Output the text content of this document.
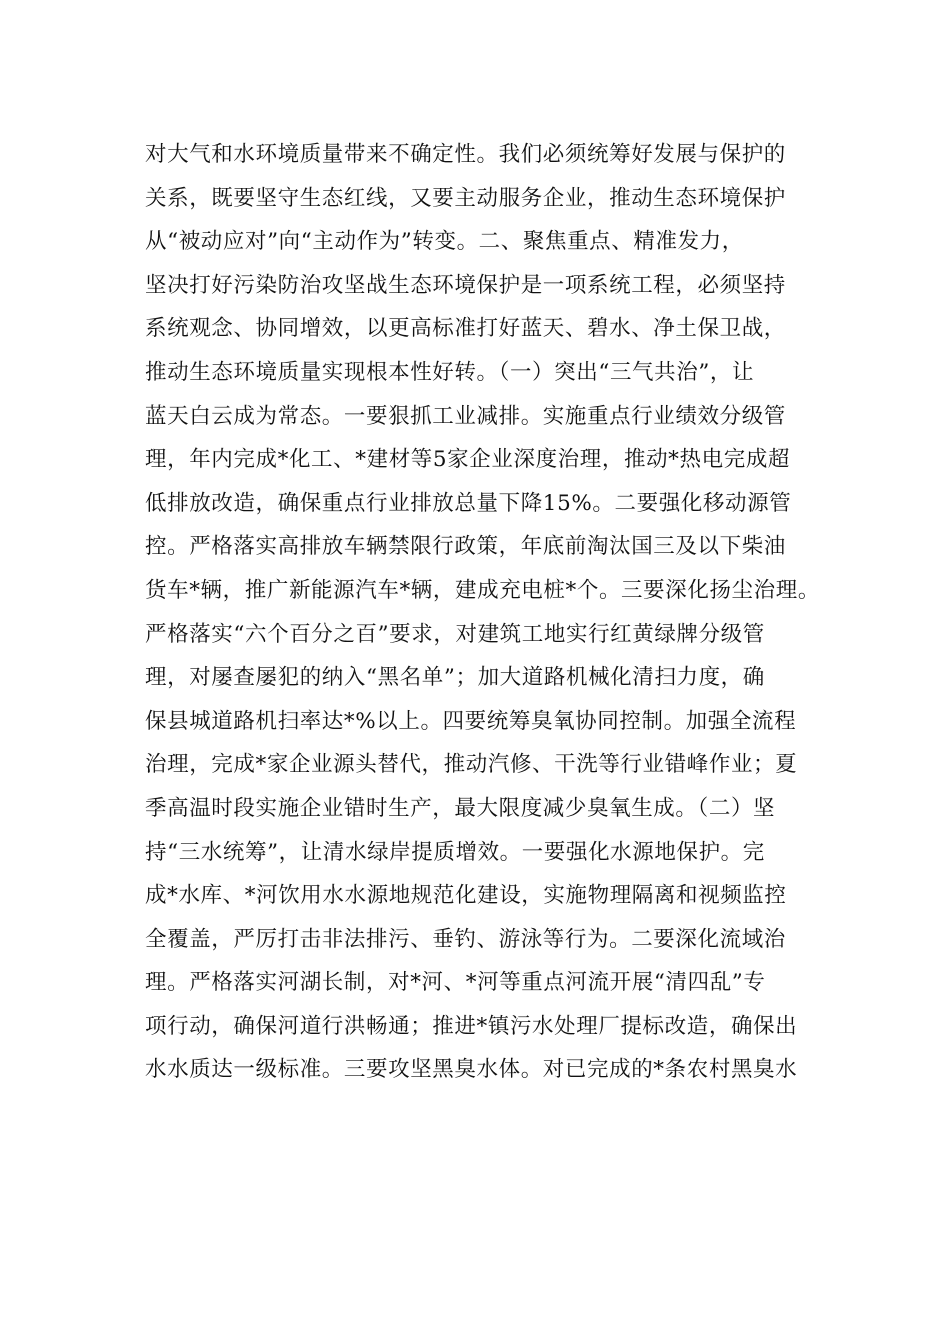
对大气和水环境质量带来不确定性。我们必须统筹好发展与保护的
关系，既要坚守生态红线，又要主动服务企业，推动生态环境保护
从“被动应对”向“主动作为”转变。二、聚焦重点、精准发力，
坚决打好污染防治攻坚战生态环境保护是一项系统工程，必须坚持
系统观念、协同增效，以更高标准打好蓝天、碧水、净土保卫战，
推动生态环境质量实现根本性好转。（一）突出“三气共治”，让
蓝天白云成为常态。一要狠抓工业减排。实施重点行业绩效分级管
理，年内完成*化工、*建材等5家企业深度治理，推动*热电完成超
低排放改造，确保重点行业排放总量下降15%。二要强化移动源管
控。严格落实高排放车辆禁限行政策，年底前淘汰国三及以下柴油
货车*辆，推广新能源汽车*辆，建成充电桩*个。三要深化扬尘治理。
严格落实“六个百分之百”要求，对建筑工地实行红黄绿牌分级管
理，对屡查屡犯的纳入“黑名单”；加大道路机械化清扫力度，确
保县城道路机扫率达*%以上。四要统筹臭氧协同控制。加强全流程
治理，完成*家企业源头替代，推动汽修、干洗等行业错峰作业；夏
季高温时段实施企业错时生产，最大限度减少臭氧生成。（二）坚
持“三水统筹”，让清水绿岸提质增效。一要强化水源地保护。完
成*水库、*河饮用水水源地规范化建设，实施物理隔离和视频监控
全覆盖，严厉打击非法排污、垂钓、游泳等行为。二要深化流域治
理。严格落实河湖长制，对*河、*河等重点河流开展“清四乱”专
项行动，确保河道行洪畅通；推进*镇污水处理厂提标改造，确保出
水水质达一级标准。三要攻坚黑臭水体。对已完成的*条农村黑臭水
